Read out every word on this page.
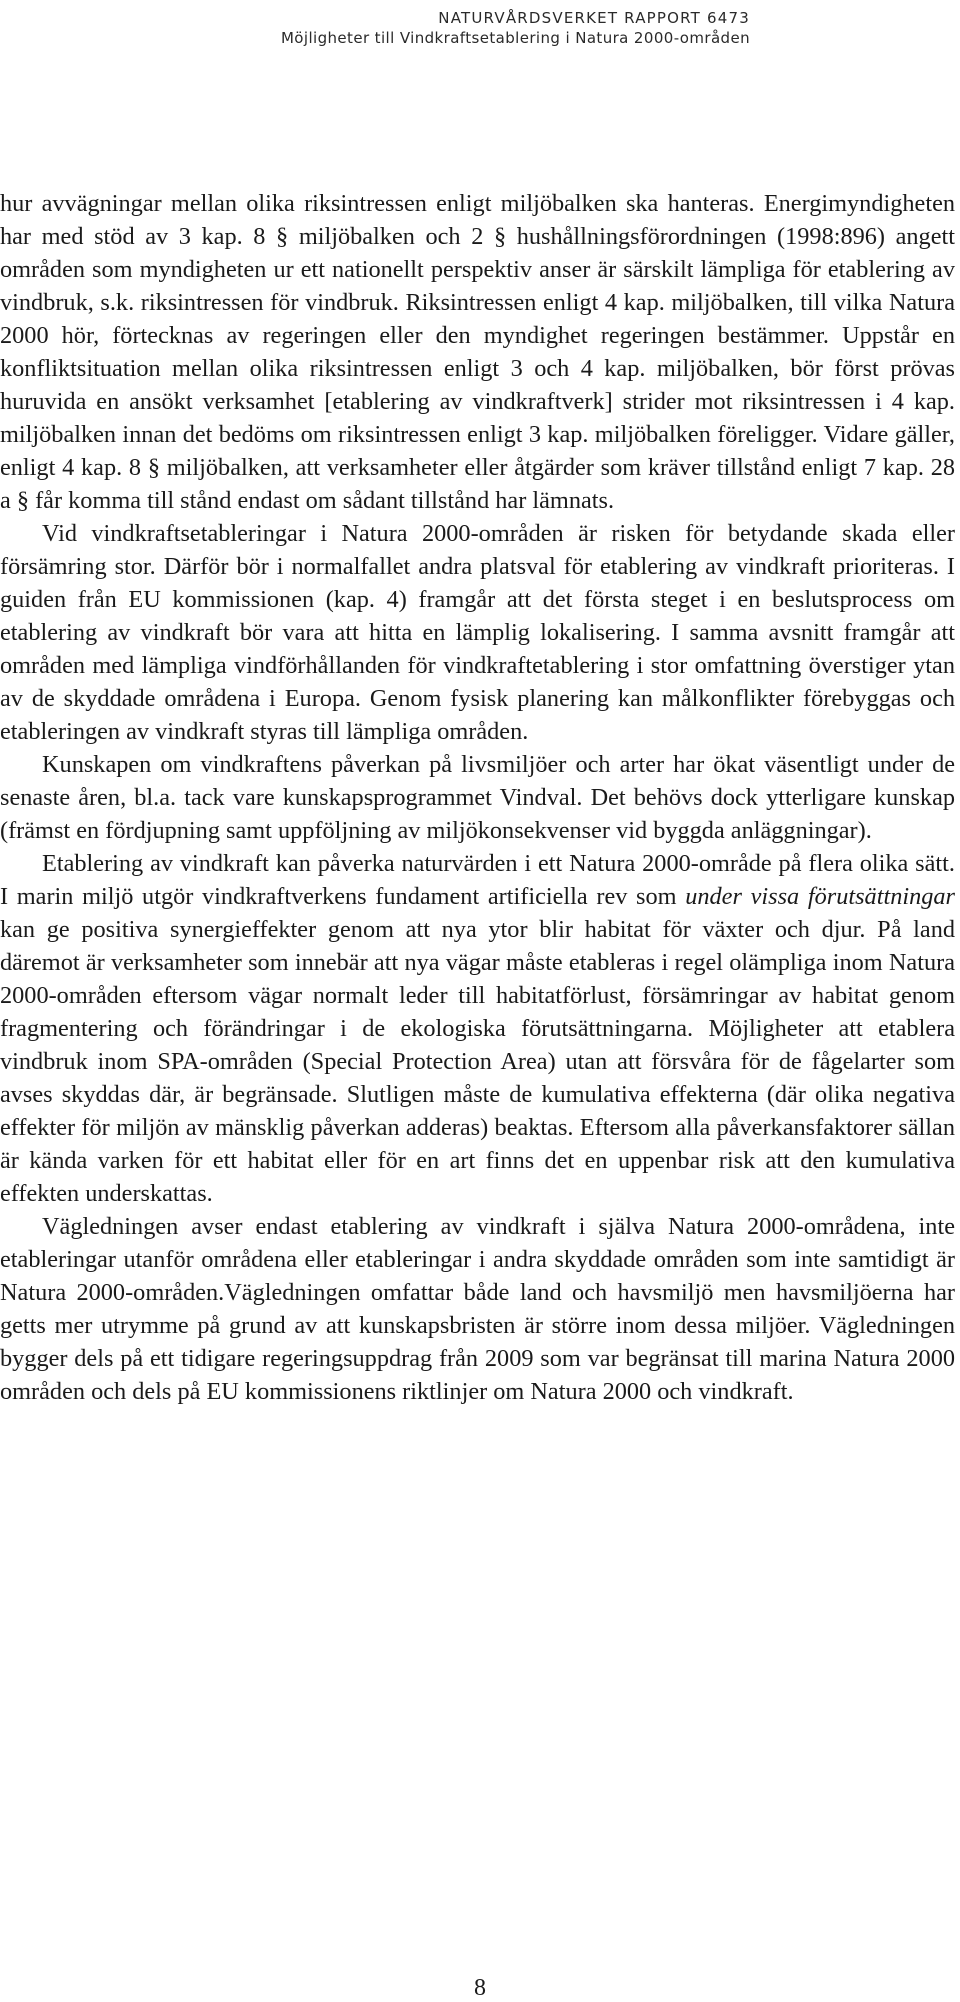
NATURVÅRDSVERKET RAPPORT 6473
Möjligheter till Vindkraftsetablering i Natura 2000-områden

hur avvägningar mellan olika riksintressen enligt miljöbalken ska hanteras. Energimyndigheten har med stöd av 3 kap. 8 § miljöbalken och 2 § hushållningsförordningen (1998:896) angett områden som myndigheten ur ett nationellt perspektiv anser är särskilt lämpliga för etablering av vindbruk, s.k. riksintressen för vindbruk. Riksintressen enligt 4 kap. miljöbalken, till vilka Natura 2000 hör, förtecknas av regeringen eller den myndighet regeringen bestämmer. Uppstår en konfliktsituation mellan olika riksintressen enligt 3 och 4 kap. miljöbalken, bör först prövas huruvida en ansökt verksamhet [etablering av vindkraftverk] strider mot riksintressen i 4 kap. miljöbalken innan det bedöms om riksintressen enligt 3 kap. miljöbalken föreligger. Vidare gäller, enligt 4 kap. 8 § miljöbalken, att verksamheter eller åtgärder som kräver tillstånd enligt 7 kap. 28 a § får komma till stånd endast om sådant tillstånd har lämnats.

Vid vindkraftsetableringar i Natura 2000-områden är risken för betydande skada eller försämring stor. Därför bör i normalfallet andra platsval för etablering av vindkraft prioriteras. I guiden från EU kommissionen (kap. 4) framgår att det första steget i en beslutsprocess om etablering av vindkraft bör vara att hitta en lämplig lokalisering. I samma avsnitt framgår att områden med lämpliga vindförhållanden för vindkraftetablering i stor omfattning överstiger ytan av de skyddade områdena i Europa. Genom fysisk planering kan målkonflikter förebyggas och etableringen av vindkraft styras till lämpliga områden.

Kunskapen om vindkraftens påverkan på livsmiljöer och arter har ökat väsentligt under de senaste åren, bl.a. tack vare kunskapsprogrammet Vindval. Det behövs dock ytterligare kunskap (främst en fördjupning samt uppföljning av miljökonsekvenser vid byggda anläggningar).

Etablering av vindkraft kan påverka naturvärden i ett Natura 2000-område på flera olika sätt. I marin miljö utgör vindkraftverkens fundament artificiella rev som under vissa förutsättningar kan ge positiva synergieffekter genom att nya ytor blir habitat för växter och djur. På land däremot är verksamheter som innebär att nya vägar måste etableras i regel olämpliga inom Natura 2000-områden eftersom vägar normalt leder till habitatförlust, försämringar av habitat genom fragmentering och förändringar i de ekologiska förutsättningarna. Möjligheter att etablera vindbruk inom SPA-områden (Special Protection Area) utan att försvåra för de fågelarter som avses skyddas där, är begränsade. Slutligen måste de kumulativa effekterna (där olika negativa effekter för miljön av mänsklig påverkan adderas) beaktas. Eftersom alla påverkansfaktorer sällan är kända varken för ett habitat eller för en art finns det en uppenbar risk att den kumulativa effekten underskattas.

Vägledningen avser endast etablering av vindkraft i själva Natura 2000-områdena, inte etableringar utanför områdena eller etableringar i andra skyddade områden som inte samtidigt är Natura 2000-områden.Vägledningen omfattar både land och havsmiljö men havsmiljöerna har getts mer utrymme på grund av att kunskapsbristen är större inom dessa miljöer. Vägledningen bygger dels på ett tidigare regeringsuppdrag från 2009 som var begränsat till marina Natura 2000 områden och dels på EU kommissionens riktlinjer om Natura 2000 och vindkraft.

8
